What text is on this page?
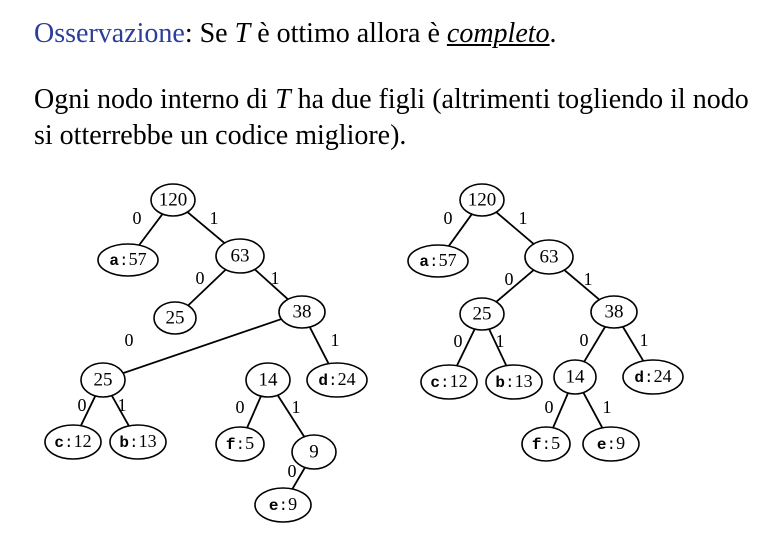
Osservazione: Se T è ottimo allora è completo.
Ogni nodo interno di T ha due figli (altrimenti togliendo il nodo si otterrebbe un codice migliore).
0	1
0	1
0	1
0 1	0	1
0
120
a:57	63
25	38
25
c:12 b:13
14	d:24
f:5	9
e:9
0	1
0	1
0 1	0	1
0	1
120
a:57	63
25	38
c:12 b:13 14	d:24
f:5 e:9
